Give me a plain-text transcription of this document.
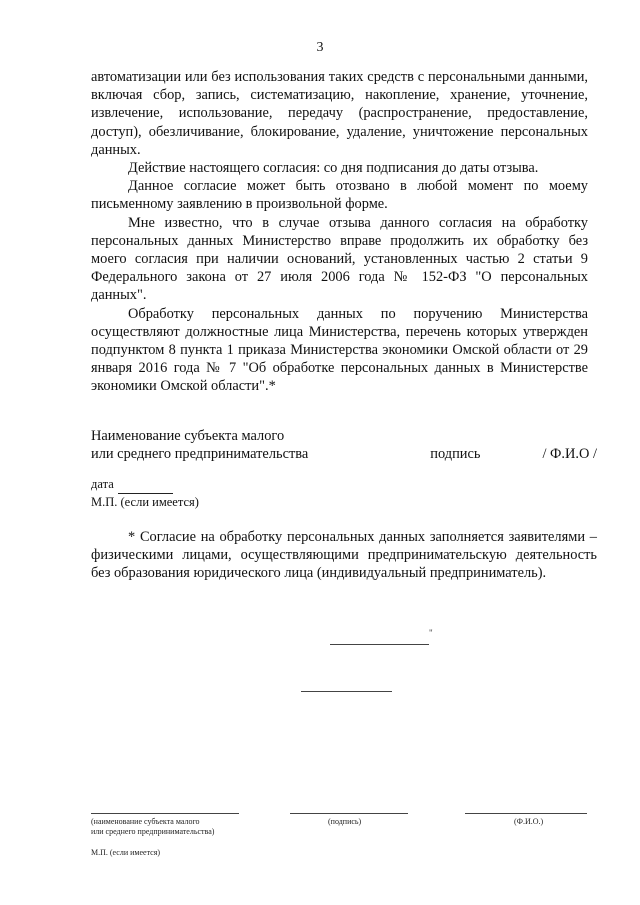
3

автоматизации или без использования таких средств с персональными данными, включая сбор, запись, систематизацию, накопление, хранение, уточнение, извлечение, использование, передачу (распространение, предоставление, доступ), обезличивание, блокирование, удаление, уничтожение персональных данных.

Действие настоящего согласия: со дня подписания до даты отзыва.

Данное согласие может быть отозвано в любой момент по моему письменному заявлению в произвольной форме.

Мне известно, что в случае отзыва данного согласия на обработку персональных данных Министерство вправе продолжить их обработку без моего согласия при наличии оснований, установленных частью 2 статьи 9 Федерального закона от 27 июля 2006 года № 152-ФЗ "О персональных данных".

Обработку персональных данных по поручению Министерства осуществляют должностные лица Министерства, перечень которых утвержден подпунктом 8 пункта 1 приказа Министерства экономики Омской области от 29 января 2016 года № 7 "Об обработке персональных данных в Министерстве экономики Омской области".*

Наименование субъекта малого
или среднего предпринимательства	подпись	/ Ф.И.О /
дата
М.П. (если имеется)

* Согласие на обработку персональных данных заполняется заявителями – физическими лицами, осуществляющими предпринимательскую деятельность без образования юридического лица (индивидуальный предприниматель).

"
(наименование субъекта малого
или среднего предпринимательства)
(подпись)	(Ф.И.О.)
М.П. (если имеется)
